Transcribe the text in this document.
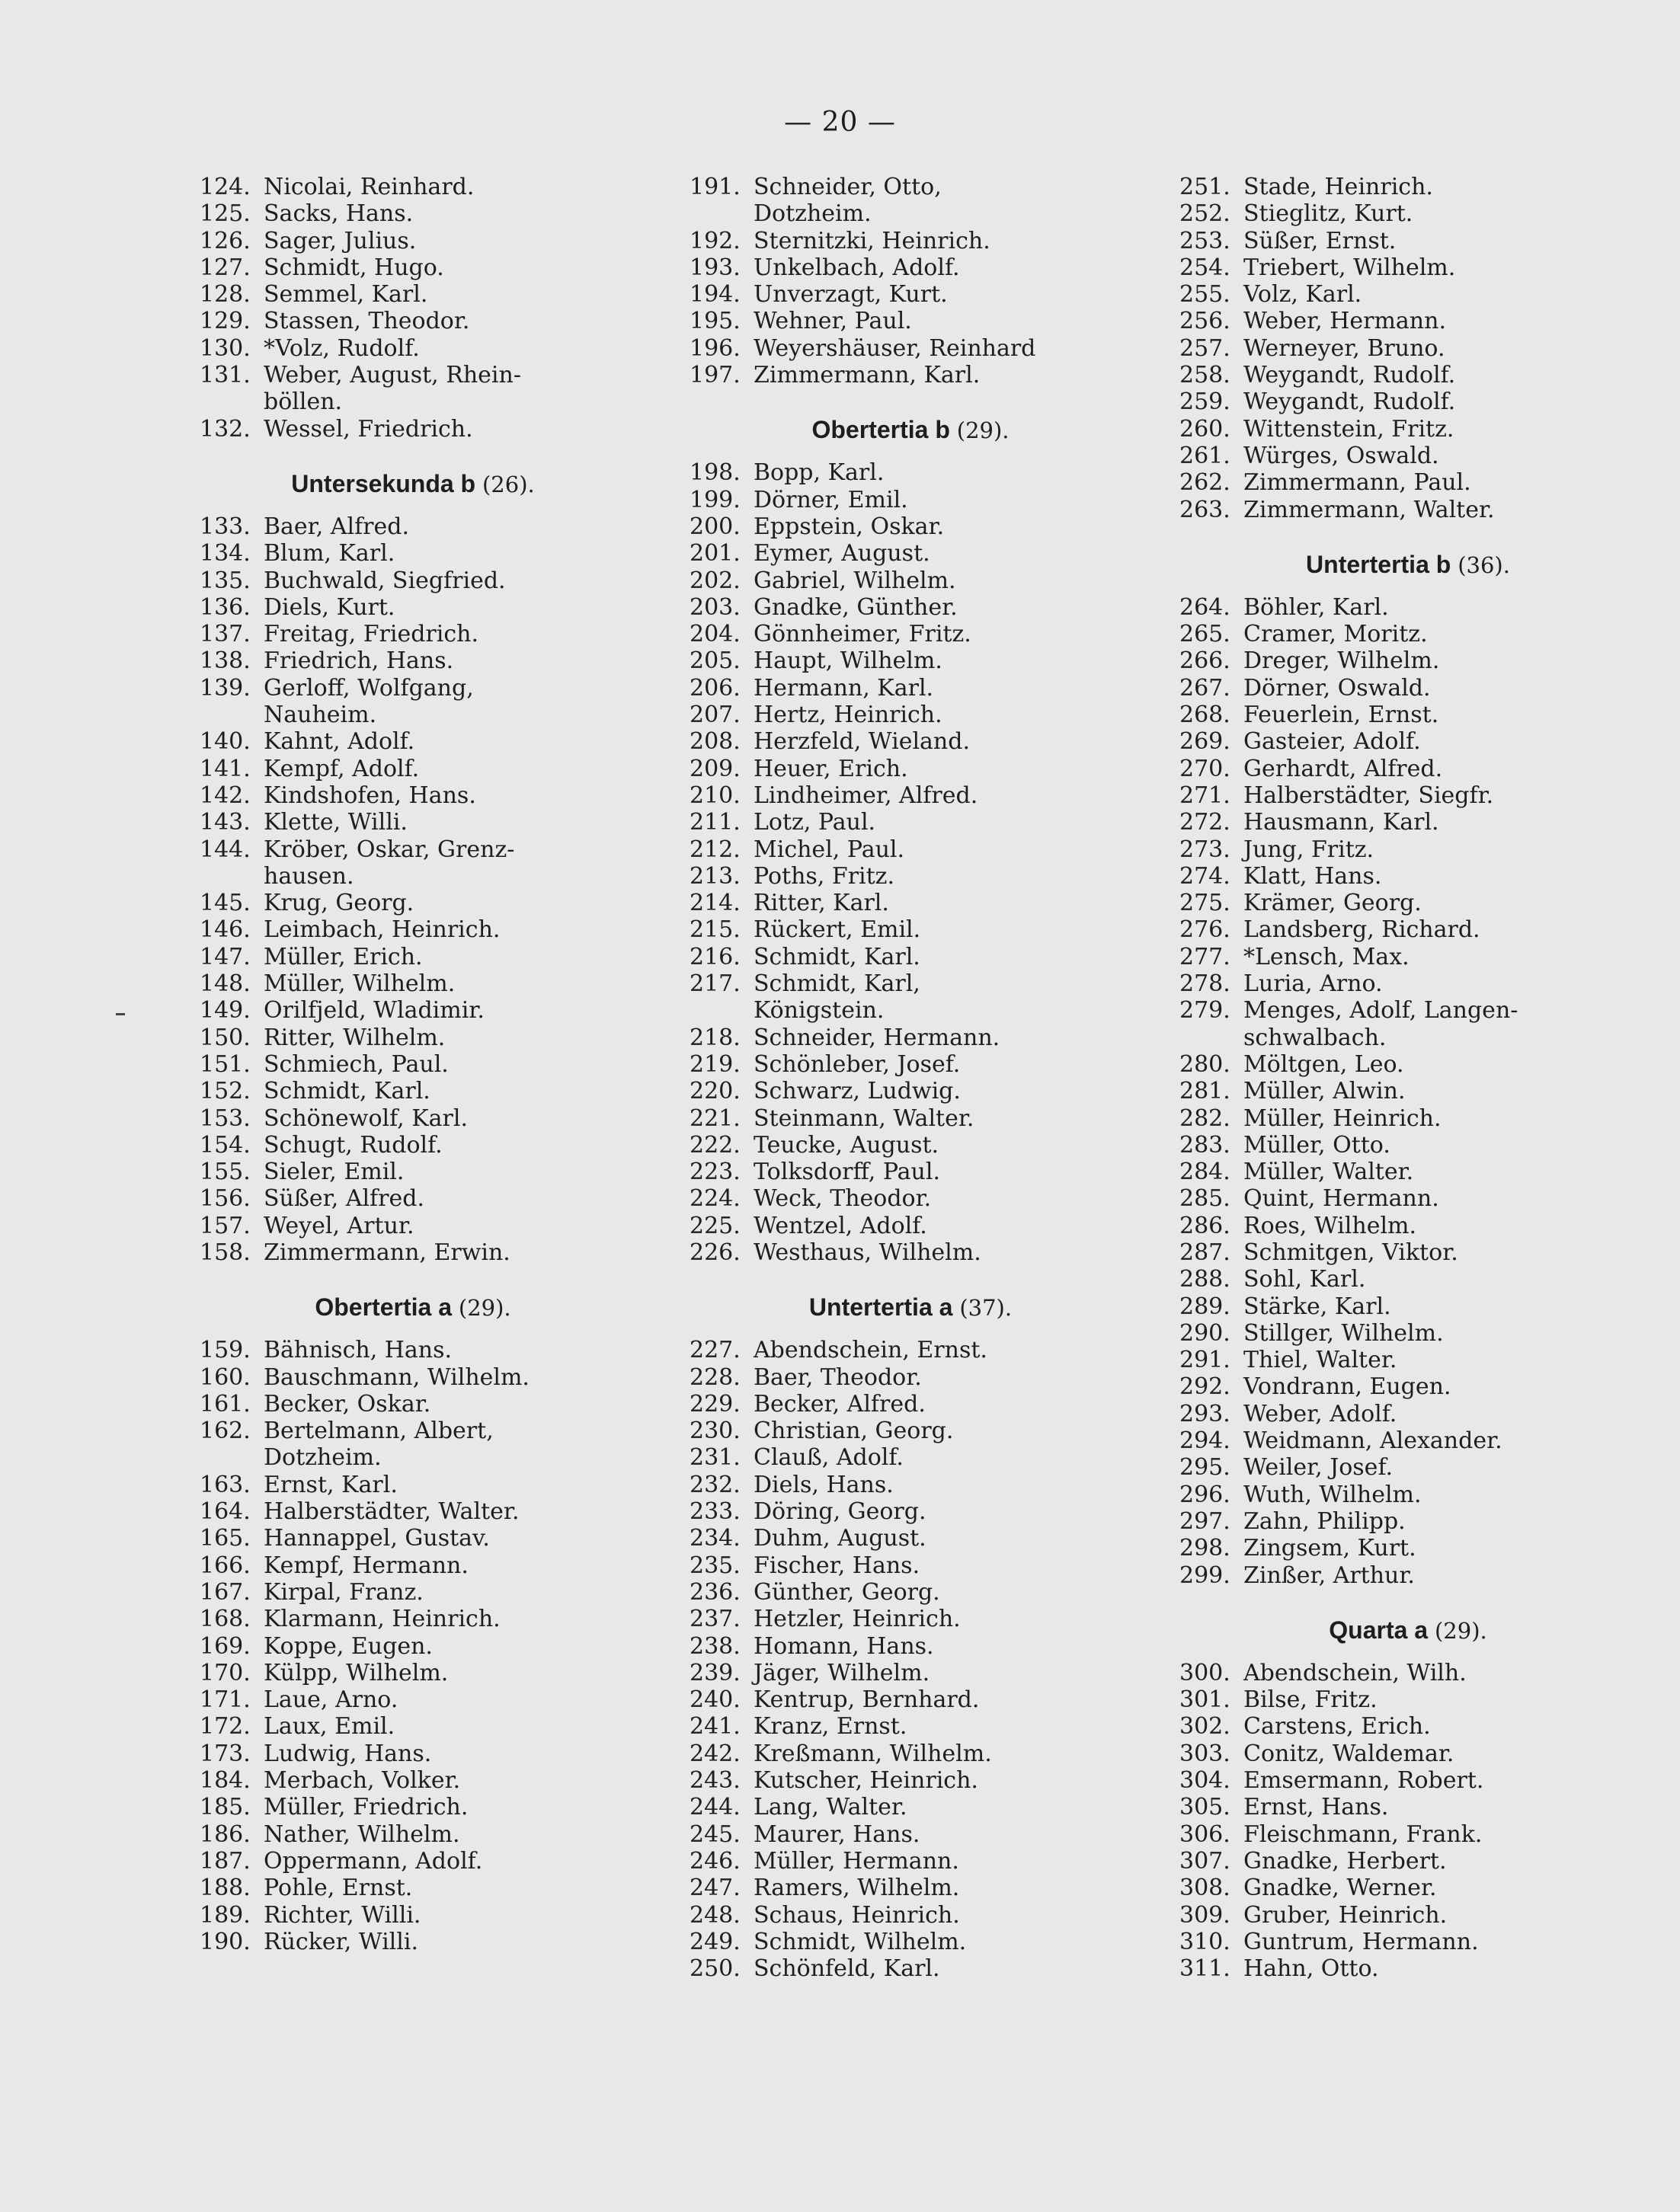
— 20 —
124. Nicolai, Reinhard.
125. Sacks, Hans.
126. Sager, Julius.
127. Schmidt, Hugo.
128. Semmel, Karl.
129. Stassen, Theodor.
130. *Volz, Rudolf.
131. Weber, August, Rhein-
böllen.
132. Wessel, Friedrich.
Untersekunda b (26).
133. Baer, Alfred.
134. Blum, Karl.
135. Buchwald, Siegfried.
136. Diels, Kurt.
137. Freitag, Friedrich.
138. Friedrich, Hans.
139. Gerloff, Wolfgang,
Nauheim.
140. Kahnt, Adolf.
141. Kempf, Adolf.
142. Kindshofen, Hans.
143. Klette, Willi.
144. Kröber, Oskar, Grenz-
hausen.
145. Krug, Georg.
146. Leimbach, Heinrich.
147. Müller, Erich.
148. Müller, Wilhelm.
149. Orilfjeld, Wladimir.
150. Ritter, Wilhelm.
151. Schmiech, Paul.
152. Schmidt, Karl.
153. Schönewolf, Karl.
154. Schugt, Rudolf.
155. Sieler, Emil.
156. Süßer, Alfred.
157. Weyel, Artur.
158. Zimmermann, Erwin.
Obertertia a (29).
159. Bähnisch, Hans.
160. Bauschmann, Wilhelm.
161. Becker, Oskar.
162. Bertelmann, Albert,
Dotzheim.
163. Ernst, Karl.
164. Halberstädter, Walter.
165. Hannappel, Gustav.
166. Kempf, Hermann.
167. Kirpal, Franz.
168. Klarmann, Heinrich.
169. Koppe, Eugen.
170. Külpp, Wilhelm.
171. Laue, Arno.
172. Laux, Emil.
173. Ludwig, Hans.
184. Merbach, Volker.
185. Müller, Friedrich.
186. Nather, Wilhelm.
187. Oppermann, Adolf.
188. Pohle, Ernst.
189. Richter, Willi.
190. Rücker, Willi.
191. Schneider, Otto,
Dotzheim.
192. Sternitzki, Heinrich.
193. Unkelbach, Adolf.
194. Unverzagt, Kurt.
195. Wehner, Paul.
196. Weyershäuser, Reinhard
197. Zimmermann, Karl.
Obertertia b (29).
198. Bopp, Karl.
199. Dörner, Emil.
200. Eppstein, Oskar.
201. Eymer, August.
202. Gabriel, Wilhelm.
203. Gnadke, Günther.
204. Gönnheimer, Fritz.
205. Haupt, Wilhelm.
206. Hermann, Karl.
207. Hertz, Heinrich.
208. Herzfeld, Wieland.
209. Heuer, Erich.
210. Lindheimer, Alfred.
211. Lotz, Paul.
212. Michel, Paul.
213. Poths, Fritz.
214. Ritter, Karl.
215. Rückert, Emil.
216. Schmidt, Karl.
217. Schmidt, Karl,
Königstein.
218. Schneider, Hermann.
219. Schönleber, Josef.
220. Schwarz, Ludwig.
221. Steinmann, Walter.
222. Teucke, August.
223. Tolksdorff, Paul.
224. Weck, Theodor.
225. Wentzel, Adolf.
226. Westhaus, Wilhelm.
Untertertia a (37).
227. Abendschein, Ernst.
228. Baer, Theodor.
229. Becker, Alfred.
230. Christian, Georg.
231. Clauß, Adolf.
232. Diels, Hans.
233. Döring, Georg.
234. Duhm, August.
235. Fischer, Hans.
236. Günther, Georg.
237. Hetzler, Heinrich.
238. Homann, Hans.
239. Jäger, Wilhelm.
240. Kentrup, Bernhard.
241. Kranz, Ernst.
242. Kreßmann, Wilhelm.
243. Kutscher, Heinrich.
244. Lang, Walter.
245. Maurer, Hans.
246. Müller, Hermann.
247. Ramers, Wilhelm.
248. Schaus, Heinrich.
249. Schmidt, Wilhelm.
250. Schönfeld, Karl.
251. Stade, Heinrich.
252. Stieglitz, Kurt.
253. Süßer, Ernst.
254. Triebert, Wilhelm.
255. Volz, Karl.
256. Weber, Hermann.
257. Werneyer, Bruno.
258. Weygandt, Rudolf.
259. Weygandt, Rudolf.
260. Wittenstein, Fritz.
261. Würges, Oswald.
262. Zimmermann, Paul.
263. Zimmermann, Walter.
Untertertia b (36).
264. Böhler, Karl.
265. Cramer, Moritz.
266. Dreger, Wilhelm.
267. Dörner, Oswald.
268. Feuerlein, Ernst.
269. Gasteier, Adolf.
270. Gerhardt, Alfred.
271. Halberstädter, Siegfr.
272. Hausmann, Karl.
273. Jung, Fritz.
274. Klatt, Hans.
275. Krämer, Georg.
276. Landsberg, Richard.
277. *Lensch, Max.
278. Luria, Arno.
279. Menges, Adolf, Langen-
schwalbach.
280. Möltgen, Leo.
281. Müller, Alwin.
282. Müller, Heinrich.
283. Müller, Otto.
284. Müller, Walter.
285. Quint, Hermann.
286. Roes, Wilhelm.
287. Schmitgen, Viktor.
288. Sohl, Karl.
289. Stärke, Karl.
290. Stillger, Wilhelm.
291. Thiel, Walter.
292. Vondrann, Eugen.
293. Weber, Adolf.
294. Weidmann, Alexander.
295. Weiler, Josef.
296. Wuth, Wilhelm.
297. Zahn, Philipp.
298. Zingsem, Kurt.
299. Zinßer, Arthur.
Quarta a (29).
300. Abendschein, Wilh.
301. Bilse, Fritz.
302. Carstens, Erich.
303. Conitz, Waldemar.
304. Emsermann, Robert.
305. Ernst, Hans.
306. Fleischmann, Frank.
307. Gnadke, Herbert.
308. Gnadke, Werner.
309. Gruber, Heinrich.
310. Guntrum, Hermann.
311. Hahn, Otto.
